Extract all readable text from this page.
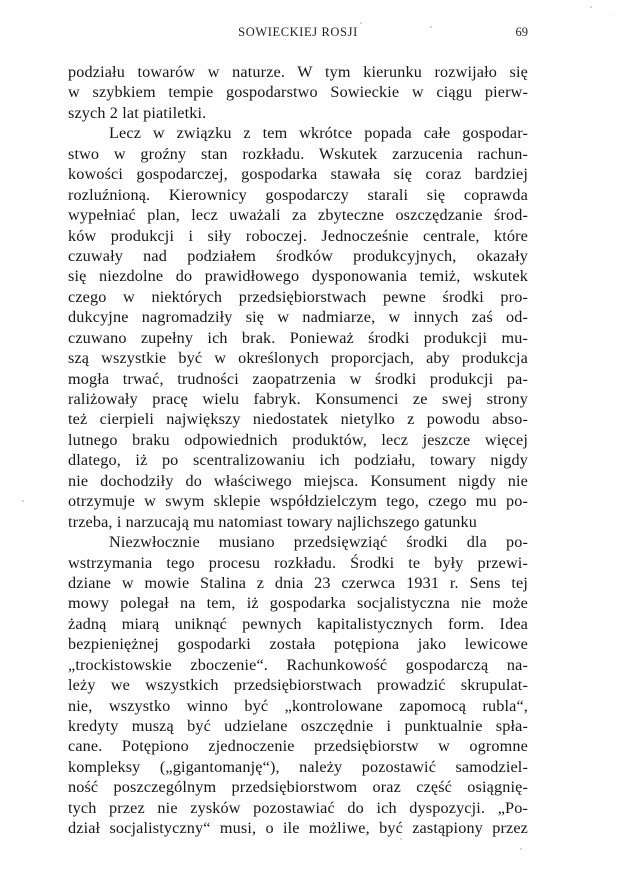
SOWIECKIEJ ROSJI	69
podziału towarów w naturze. W tym kierunku rozwijało się
w szybkiem tempie gospodarstwo Sowieckie w ciągu pierw-
szych 2 lat piatiletki.
Lecz w związku z tem wkrótce popada całe gospodar-
stwo w groźny stan rozkładu. Wskutek zarzucenia rachun-
kowości gospodarczej, gospodarka stawała się coraz bardziej
rozluźnioną. Kierownicy gospodarczy starali się coprawda
wypełniać plan, lecz uważali za zbyteczne oszczędzanie środ-
ków produkcji i siły roboczej. Jednocześnie centrale, które
czuwały nad podziałem środków produkcyjnych, okazały
się niezdolne do prawidłowego dysponowania temiż, wskutek
czego w niektórych przedsiębiorstwach pewne środki pro-
dukcyjne nagromadziły się w nadmiarze, w innych zaś od-
czuwano zupełny ich brak. Ponieważ środki produkcji mu-
szą wszystkie być w określonych proporcjach, aby produkcja
mogła trwać, trudności zaopatrzenia w środki produkcji pa-
raliżowały pracę wielu fabryk. Konsumenci ze swej strony
też cierpieli największy niedostatek nietylko z powodu abso-
lutnego braku odpowiednich produktów, lecz jeszcze więcej
dlatego, iż po scentralizowaniu ich podziału, towary nigdy
nie dochodziły do właściwego miejsca. Konsument nigdy nie
otrzymuje w swym sklepie współdzielczym tego, czego mu po-
trzeba, i narzucają mu natomiast towary najlichszego gatunku
Niezwłocznie musiano przedsięwziąć środki dla po-
wstrzymania tego procesu rozkładu. Środki te były przewi-
dziane w mowie Stalina z dnia 23 czerwca 1931 r. Sens tej
mowy polegał na tem, iż gospodarka socjalistyczna nie może
żadną miarą uniknąć pewnych kapitalistycznych form. Idea
bezpieniężnej gospodarki została potępiona jako lewicowe
„trockistowskie zboczenie“. Rachunkowość gospodarczą na-
leży we wszystkich przedsiębiorstwach prowadzić skrupulat-
nie, wszystko winno być „kontrolowane zapomocą rubla“,
kredyty muszą być udzielane oszczędnie i punktualnie spła-
cane. Potępiono zjednoczenie przedsiębiorstw w ogromne
kompleksy („gigantomanję“), należy pozostawić samodziel-
ność poszczególnym przedsiębiorstwom oraz część osiągnię-
tych przez nie zysków pozostawiać do ich dyspozycji. „Po-
dział socjalistyczny“ musi, o ile możliwe, być zastąpiony przez
